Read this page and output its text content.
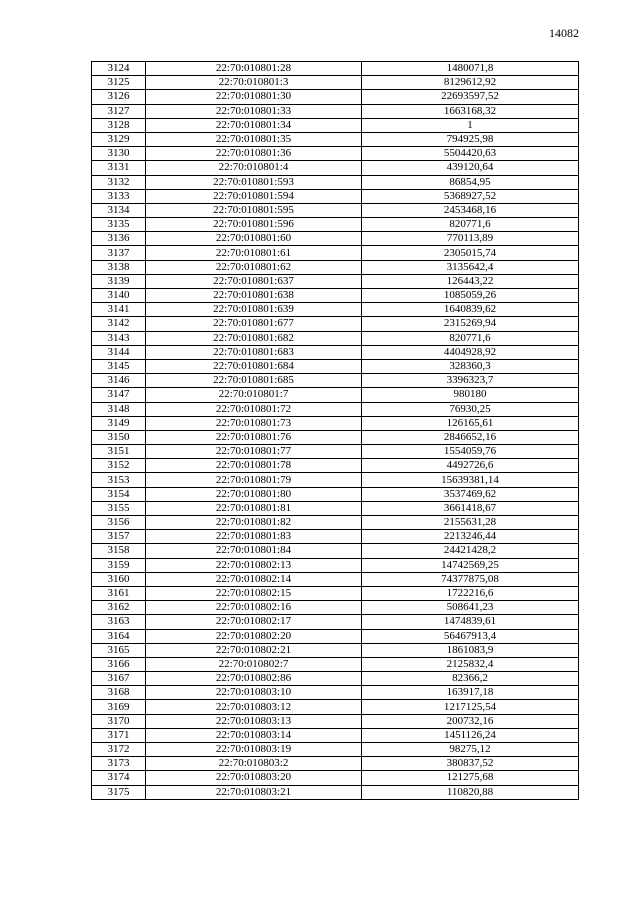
14082
3124	22:70:010801:28	1480071,8
3125	22:70:010801:3	8129612,92
3126	22:70:010801:30	22693597,52
3127	22:70:010801:33	1663168,32
3128	22:70:010801:34	1
3129	22:70:010801:35	794925,98
3130	22:70:010801:36	5504420,63
3131	22:70:010801:4	439120,64
3132	22:70:010801:593	86854,95
3133	22:70:010801:594	5368927,52
3134	22:70:010801:595	2453468,16
3135	22:70:010801:596	820771,6
3136	22:70:010801:60	770113,89
3137	22:70:010801:61	2305015,74
3138	22:70:010801:62	3135642,4
3139	22:70:010801:637	126443,22
3140	22:70:010801:638	1085059,26
3141	22:70:010801:639	1640839,62
3142	22:70:010801:677	2315269,94
3143	22:70:010801:682	820771,6
3144	22:70:010801:683	4404928,92
3145	22:70:010801:684	328360,3
3146	22:70:010801:685	3396323,7
3147	22:70:010801:7	980180
3148	22:70:010801:72	76930,25
3149	22:70:010801:73	126165,61
3150	22:70:010801:76	2846652,16
3151	22:70:010801:77	1554059,76
3152	22:70:010801:78	4492726,6
3153	22:70:010801:79	15639381,14
3154	22:70:010801:80	3537469,62
3155	22:70:010801:81	3661418,67
3156	22:70:010801:82	2155631,28
3157	22:70:010801:83	2213246,44
3158	22:70:010801:84	24421428,2
3159	22:70:010802:13	14742569,25
3160	22:70:010802:14	74377875,08
3161	22:70:010802:15	1722216,6
3162	22:70:010802:16	508641,23
3163	22:70:010802:17	1474839,61
3164	22:70:010802:20	56467913,4
3165	22:70:010802:21	1861083,9
3166	22:70:010802:7	2125832,4
3167	22:70:010802:86	82366,2
3168	22:70:010803:10	163917,18
3169	22:70:010803:12	1217125,54
3170	22:70:010803:13	200732,16
3171	22:70:010803:14	1451126,24
3172	22:70:010803:19	98275,12
3173	22:70:010803:2	380837,52
3174	22:70:010803:20	121275,68
3175	22:70:010803:21	110820,88
